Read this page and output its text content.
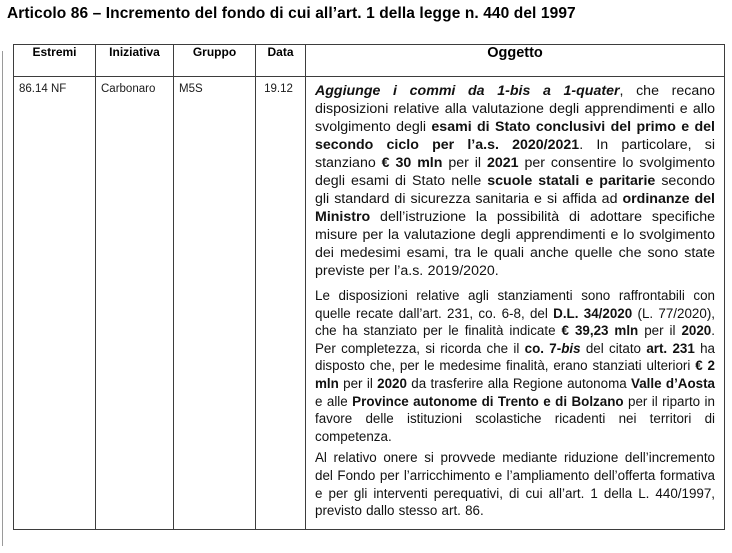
Articolo 86 – Incremento del fondo di cui all’art. 1 della legge n. 440 del 1997
Estremi	Iniziativa	Gruppo	Data	Oggetto
86.14 NF	Carbonaro	M5S	19.12	Aggiunge i commi da 1-bis a 1-quater, che recano disposizioni relative alla valutazione degli apprendimenti e allo svolgimento degli esami di Stato conclusivi del primo e del secondo ciclo per l’a.s. 2020/2021. In particolare, si stanziano € 30 mln per il 2021 per consentire lo svolgimento degli esami di Stato nelle scuole statali e paritarie secondo gli standard di sicurezza sanitaria e si affida ad ordinanze del Ministro dell’istruzione la possibilità di adottare specifiche misure per la valutazione degli apprendimenti e lo svolgimento dei medesimi esami, tra le quali anche quelle che sono state previste per l’a.s. 2019/2020.

Le disposizioni relative agli stanziamenti sono raffrontabili con quelle recate dall’art. 231, co. 6-8, del D.L. 34/2020 (L. 77/2020), che ha stanziato per le finalità indicate € 39,23 mln per il 2020. Per completezza, si ricorda che il co. 7-bis del citato art. 231 ha disposto che, per le medesime finalità, erano stanziati ulteriori € 2 mln per il 2020 da trasferire alla Regione autonoma Valle d’Aosta e alle Province autonome di Trento e di Bolzano per il riparto in favore delle istituzioni scolastiche ricadenti nei territori di competenza.

Al relativo onere si provvede mediante riduzione dell’incremento del Fondo per l’arricchimento e l’ampliamento dell’offerta formativa e per gli interventi perequativi, di cui all’art. 1 della L. 440/1997, previsto dallo stesso art. 86.
